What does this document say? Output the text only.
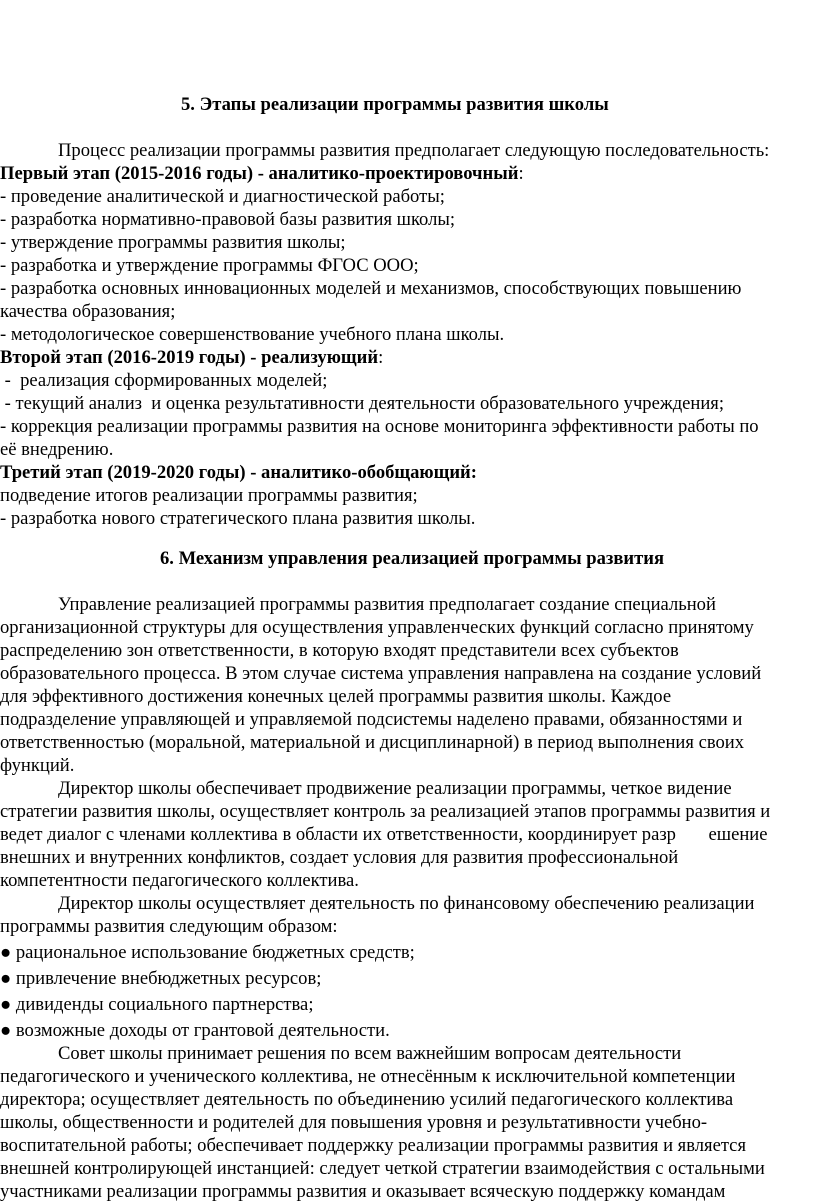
5. Этапы реализации программы развития школы
Процесс реализации программы развития предполагает следующую последовательность:
Первый этап (2015-2016 годы) - аналитико-проектировочный:
- проведение аналитической и диагностической работы;
- разработка нормативно-правовой базы развития школы;
- утверждение программы развития школы;
- разработка и утверждение программы ФГОС ООО;
- разработка основных инновационных моделей и механизмов, способствующих повышению
качества образования;
- методологическое совершенствование учебного плана школы.
Второй этап (2016-2019 годы) - реализующий:
-  реализация сформированных моделей;
- текущий анализ  и оценка результативности деятельности образовательного учреждения;
- коррекция реализации программы развития на основе мониторинга эффективности работы по
её внедрению.
Третий этап (2019-2020 годы) - аналитико-обобщающий:
подведение итогов реализации программы развития;
- разработка нового стратегического плана развития школы.
6. Механизм управления реализацией программы развития
Управление реализацией программы развития предполагает создание специальной
организационной структуры для осуществления управленческих функций согласно принятому
распределению зон ответственности, в которую входят представители всех субъектов
образовательного процесса. В этом случае система управления направлена на создание условий
для эффективного достижения конечных целей программы развития школы. Каждое
подразделение управляющей и управляемой подсистемы наделено правами, обязанностями и
ответственностью (моральной, материальной и дисциплинарной) в период выполнения своих
функций.
Директор школы обеспечивает продвижение реализации программы, четкое видение
стратегии развития школы, осуществляет контроль за реализацией этапов программы развития и
ведет диалог с членами коллектива в области их ответственности, координирует разр       ешение
внешних и внутренних конфликтов, создает условия для развития профессиональной
компетентности педагогического коллектива.
Директор школы осуществляет деятельность по финансовому обеспечению реализации
программы развития следующим образом:
● рациональное использование бюджетных средств;
● привлечение внебюджетных ресурсов;
● дивиденды социального партнерства;
● возможные доходы от грантовой деятельности.
Совет школы принимает решения по всем важнейшим вопросам деятельности
педагогического и ученического коллектива, не отнесённым к исключительной компетенции
директора; осуществляет деятельность по объединению усилий педагогического коллектива
школы, общественности и родителей для повышения уровня и результативности учебно-
воспитательной работы; обеспечивает поддержку реализации программы развития и является
внешней контролирующей инстанцией: следует четкой стратегии взаимодействия с остальными
участниками реализации программы развития и оказывает всяческую поддержку командам
